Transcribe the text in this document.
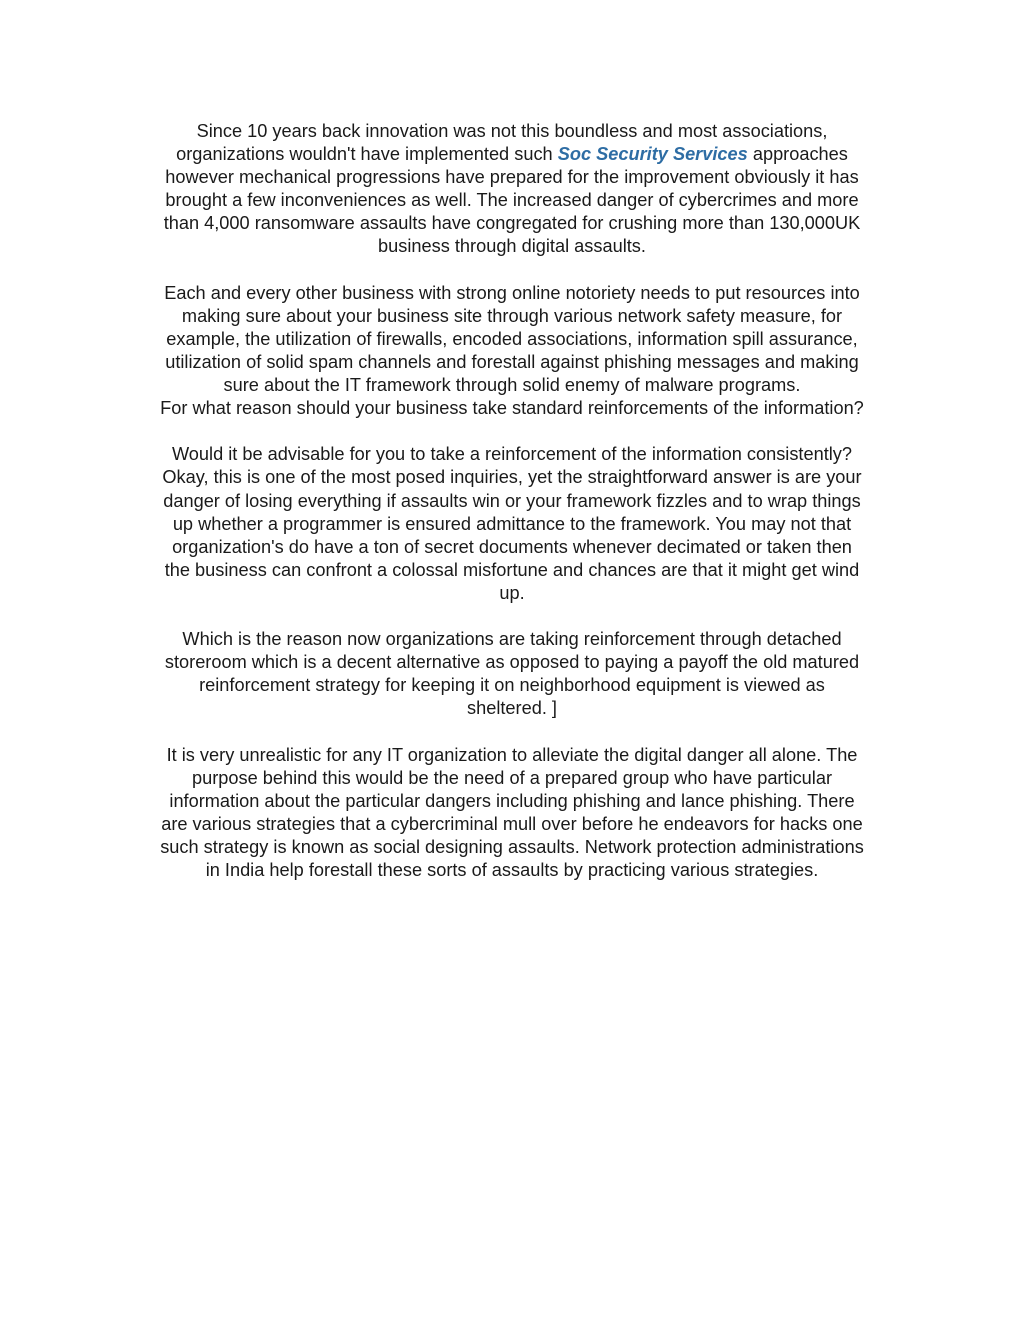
Since 10 years back innovation was not this boundless and most associations,
organizations wouldn't have implemented such Soc Security Services approaches
however mechanical progressions have prepared for the improvement obviously it has
brought a few inconveniences as well. The increased danger of cybercrimes and more
than 4,000 ransomware assaults have congregated for crushing more than 130,000UK
business through digital assaults.

Each and every other business with strong online notoriety needs to put resources into
making sure about your business site through various network safety measure, for
example, the utilization of firewalls, encoded associations, information spill assurance,
utilization of solid spam channels and forestall against phishing messages and making
sure about the IT framework through solid enemy of malware programs.
For what reason should your business take standard reinforcements of the information?

Would it be advisable for you to take a reinforcement of the information consistently?
Okay, this is one of the most posed inquiries, yet the straightforward answer is are your
danger of losing everything if assaults win or your framework fizzles and to wrap things
up whether a programmer is ensured admittance to the framework. You may not that
organization's do have a ton of secret documents whenever decimated or taken then
the business can confront a colossal misfortune and chances are that it might get wind
up.

Which is the reason now organizations are taking reinforcement through detached
storeroom which is a decent alternative as opposed to paying a payoff the old matured
reinforcement strategy for keeping it on neighborhood equipment is viewed as
sheltered. ]

It is very unrealistic for any IT organization to alleviate the digital danger all alone. The
purpose behind this would be the need of a prepared group who have particular
information about the particular dangers including phishing and lance phishing. There
are various strategies that a cybercriminal mull over before he endeavors for hacks one
such strategy is known as social designing assaults. Network protection administrations
in India help forestall these sorts of assaults by practicing various strategies.
